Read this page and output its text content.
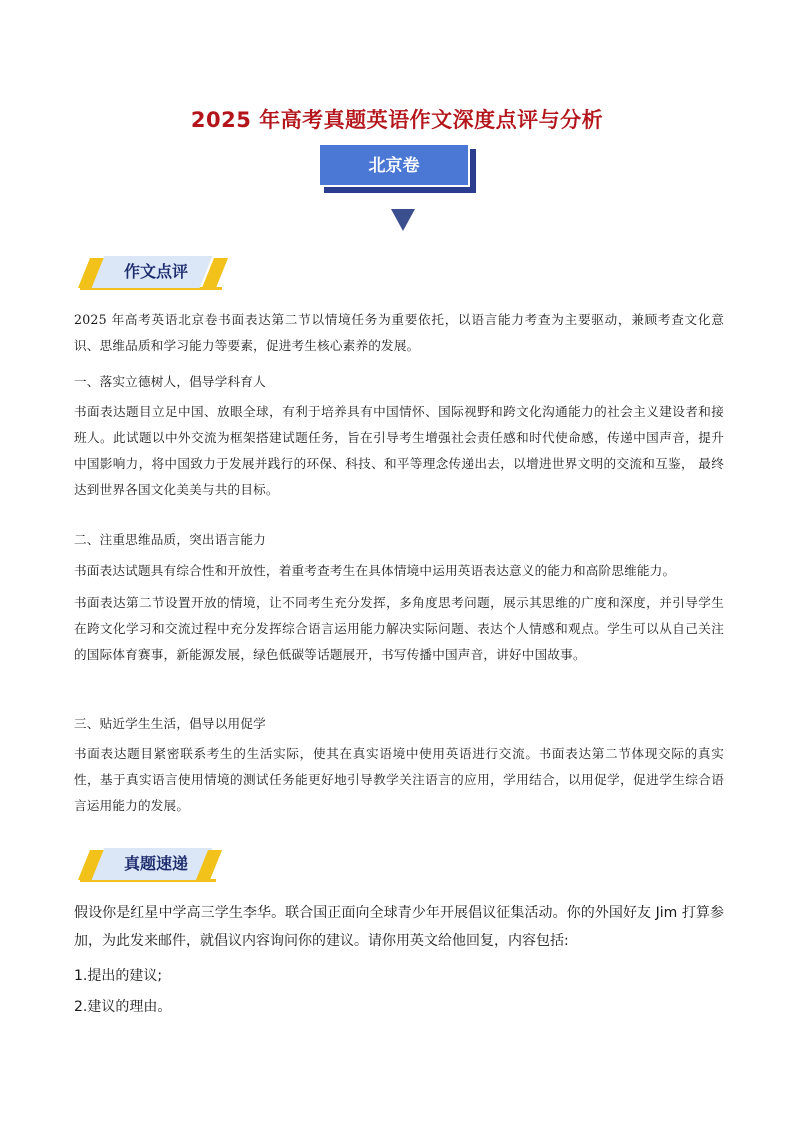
2025 年高考真题英语作文深度点评与分析
北京卷
作文点评
2025 年高考英语北京卷书面表达第二节以情境任务为重要依托，以语言能力考查为主要驱动，兼顾考查文化意识、思维品质和学习能力等要素，促进考生核心素养的发展。
一、落实立德树人，倡导学科育人
书面表达题目立足中国、放眼全球，有利于培养具有中国情怀、国际视野和跨文化沟通能力的社会主义建设者和接班人。此试题以中外交流为框架搭建试题任务，旨在引导考生增强社会责任感和时代使命感，传递中国声音，提升中国影响力，将中国致力于发展并践行的环保、科技、和平等理念传递出去，以增进世界文明的交流和互鉴， 最终达到世界各国文化美美与共的目标。
二、注重思维品质，突出语言能力
书面表达试题具有综合性和开放性，着重考查考生在具体情境中运用英语表达意义的能力和高阶思维能力。
书面表达第二节设置开放的情境，让不同考生充分发挥，多角度思考问题，展示其思维的广度和深度，并引导学生在跨文化学习和交流过程中充分发挥综合语言运用能力解决实际问题、表达个人情感和观点。学生可以从自己关注的国际体育赛事，新能源发展，绿色低碳等话题展开，书写传播中国声音，讲好中国故事。
三、贴近学生生活，倡导以用促学
书面表达题目紧密联系考生的生活实际，使其在真实语境中使用英语进行交流。书面表达第二节体现交际的真实性，基于真实语言使用情境的测试任务能更好地引导教学关注语言的应用，学用结合，以用促学，促进学生综合语言运用能力的发展。
真题速递
假设你是红星中学高三学生李华。联合国正面向全球青少年开展倡议征集活动。你的外国好友 Jim 打算参加，为此发来邮件，就倡议内容询问你的建议。请你用英文给他回复，内容包括:
1.提出的建议;
2.建议的理由。
